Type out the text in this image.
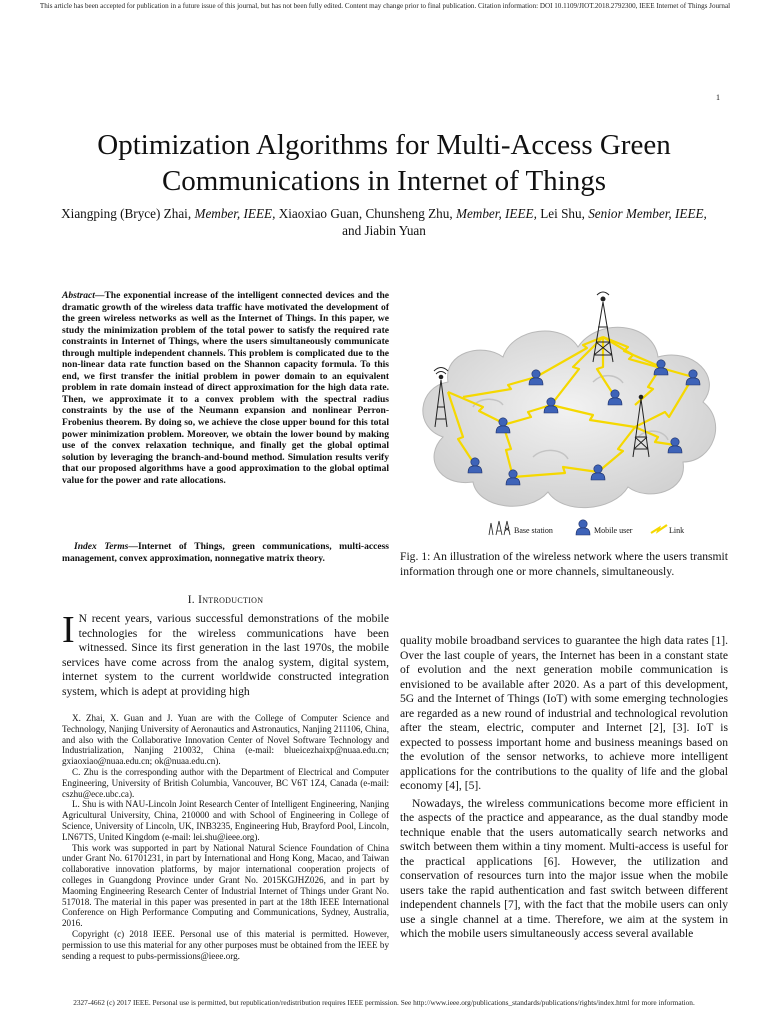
This article has been accepted for publication in a future issue of this journal, but has not been fully edited. Content may change prior to final publication. Citation information: DOI 10.1109/JIOT.2018.2792300, IEEE Internet of Things Journal
1
Optimization Algorithms for Multi-Access Green Communications in Internet of Things
Xiangping (Bryce) Zhai, Member, IEEE, Xiaoxiao Guan, Chunsheng Zhu, Member, IEEE, Lei Shu, Senior Member, IEEE, and Jiabin Yuan
Abstract—The exponential increase of the intelligent connected devices and the dramatic growth of the wireless data traffic have motivated the development of the green wireless networks as well as the Internet of Things. In this paper, we study the minimization problem of the total power to satisfy the required rate constraints in Internet of Things, where the users simultaneously communicate through multiple independent channels. This problem is complicated due to the non-linear data rate function based on the Shannon capacity formula. To this end, we first transfer the initial problem in power domain to an equivalent problem in rate domain instead of direct approximation for the high data rate. Then, we approximate it to a convex problem with the spectral radius constraints by the use of the Neumann expansion and nonlinear Perron-Frobenius theorem. By doing so, we achieve the close upper bound for this total power minimization problem. Moreover, we obtain the lower bound by making use of the convex relaxation technique, and finally get the global optimal solution by leveraging the branch-and-bound method. Simulation results verify that our proposed algorithms have a good approximation to the global optimal value for the power and rate allocations.
Index Terms—Internet of Things, green communications, multi-access management, convex approximation, nonnegative matrix theory.
I. Introduction
I N recent years, various successful demonstrations of the mobile technologies for the wireless communications have been witnessed. Since its first generation in the last 1970s, the mobile services have come across from the analog system, digital system, internet system to the current worldwide constructed integration system, which is adept at providing high

X. Zhai, X. Guan and J. Yuan are with the College of Computer Science and Technology, Nanjing University of Aeronautics and Astronautics, Nanjing 211106, China, and also with the Collaborative Innovation Center of Novel Software Technology and Industrialization, Nanjing 210032, China (e-mail: blueicezhaixp@nuaa.edu.cn; gxiaoxiao@nuaa.edu.cn; ok@nuaa.edu.cn).

C. Zhu is the corresponding author with the Department of Electrical and Computer Engineering, University of British Columbia, Vancouver, BC V6T 1Z4, Canada (e-mail: cszhu@ece.ubc.ca).

L. Shu is with NAU-Lincoln Joint Research Center of Intelligent Engineering, Nanjing Agricultural University, China, 210000 and with School of Engineering in College of Science, University of Lincoln, UK, INB3235, Engineering Hub, Brayford Pool, Lincoln, LN67TS, United Kingdom (e-mail: lei.shu@ieee.org).

This work was supported in part by National Natural Science Foundation of China under Grant No. 61701231, in part by International and Hong Kong, Macao, and Taiwan collaborative innovation platforms, by major international cooperation projects of colleges in Guangdong Province under Grant No. 2015KGJHZ026, and in part by Maoming Engineering Research Center of Industrial Internet of Things under Grant No. 517018. The material in this paper was presented in part at the 18th IEEE International Conference on High Performance Computing and Communications, Sydney, Australia, 2016.

Copyright (c) 2018 IEEE. Personal use of this material is permitted. However, permission to use this material for any other purposes must be obtained from the IEEE by sending a request to pubs-permissions@ieee.org.

Base station	Mobile user	Link
Fig. 1: An illustration of the wireless network where the users transmit information through one or more channels, simultaneously.

quality mobile broadband services to guarantee the high data rates [1]. Over the last couple of years, the Internet has been in a constant state of evolution and the next generation mobile communication is envisioned to be available after 2020. As a part of this development, 5G and the Internet of Things (IoT) with some emerging technologies are regarded as a new round of industrial and technological revolution after the steam, electric, computer and Internet [2], [3]. IoT is expected to possess important home and business meanings based on the evolution of the sensor networks, to achieve more intelligent applications for the contributions to the quality of life and the global economy [4], [5].

Nowadays, the wireless communications become more efficient in the aspects of the practice and appearance, as the dual standby mode technique enable that the users automatically search networks and switch between them within a tiny moment. Multi-access is useful for the practical applications [6]. However, the utilization and conservation of resources turn into the major issue when the mobile users take the rapid authentication and fast switch between different independent channels [7], with the fact that the mobile users can only use a single channel at a time. Therefore, we aim at the system in which the mobile users simultaneously access several available

2327-4662 (c) 2017 IEEE. Personal use is permitted, but republication/redistribution requires IEEE permission. See http://www.ieee.org/publications_standards/publications/rights/index.html for more information.
